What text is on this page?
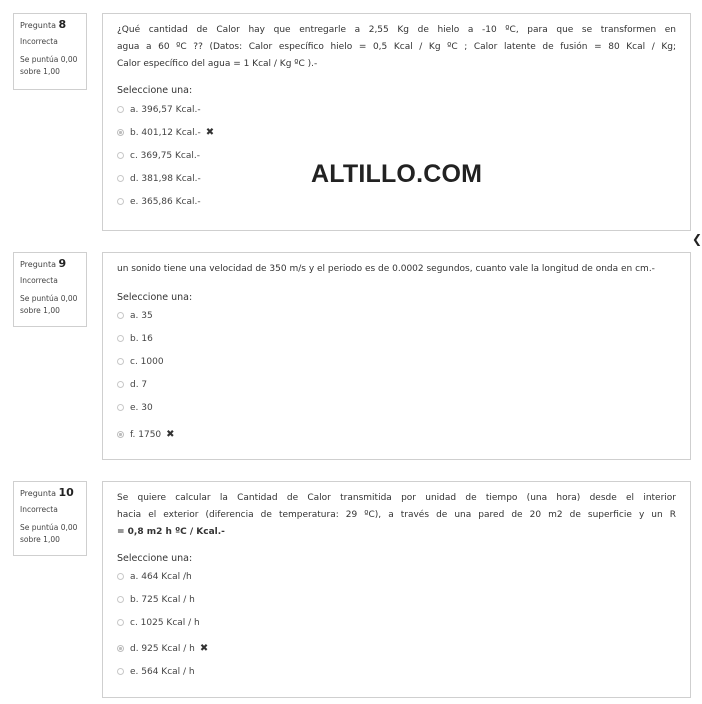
Pregunta 8
Incorrecta
Se puntúa 0,00
sobre 1,00
¿Qué cantidad de Calor hay que entregarle a 2,55 Kg de hielo a -10 ºC, para que se transformen en
agua a 60 ºC ?? (Datos: Calor específico hielo = 0,5 Kcal / Kg ºC ; Calor latente de fusión = 80 Kcal / Kg;
Calor específico del agua = 1 Kcal / Kg ºC ).-
Seleccione una:
a. 396,57 Kcal.-
b. 401,12 Kcal.- ✖
c. 369,75 Kcal.-
d. 381,98 Kcal.-
e. 365,86 Kcal.-
ALTILLO.COM
❮
Pregunta 9
Incorrecta
Se puntúa 0,00
sobre 1,00
un sonido tiene una velocidad de 350 m/s y el periodo es de 0.0002 segundos, cuanto vale la longitud de onda en cm.-
Seleccione una:
a. 35
b. 16
c. 1000
d. 7
e. 30
f. 1750 ✖
Pregunta 10
Incorrecta
Se puntúa 0,00
sobre 1,00
Se quiere calcular la Cantidad de Calor transmitida por unidad de tiempo (una hora) desde el interior
hacia el exterior (diferencia de temperatura: 29 ºC), a través de una pared de 20 m2 de superficie y un R
= 0,8 m2 h ºC / Kcal.-
Seleccione una:
a. 464 Kcal /h
b. 725 Kcal / h
c. 1025 Kcal / h
d. 925 Kcal / h ✖
e. 564 Kcal / h
